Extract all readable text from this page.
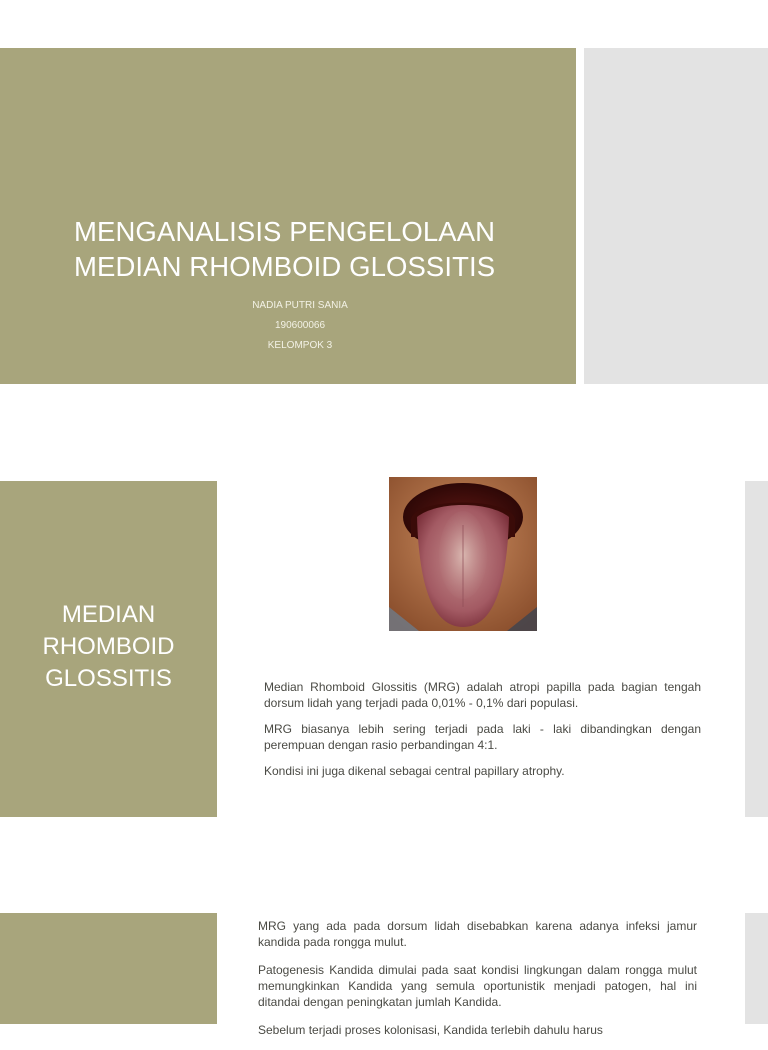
MENGANALISIS PENGELOLAAN
MEDIAN RHOMBOID GLOSSITIS
NADIA PUTRI SANIA
190600066
KELOMPOK 3
MEDIAN
RHOMBOID
GLOSSITIS	Median Rhomboid Glossitis (MRG) adalah atropi papilla pada bagian tengah dorsum lidah yang terjadi pada 0,01% - 0,1% dari populasi.
MRG biasanya lebih sering terjadi pada laki - laki dibandingkan dengan perempuan dengan rasio perbandingan 4:1.
Kondisi ini juga dikenal sebagai central papillary atrophy.
MRG yang ada pada dorsum lidah disebabkan karena adanya infeksi jamur kandida pada rongga mulut.
Patogenesis Kandida dimulai pada saat kondisi lingkungan dalam rongga mulut memungkinkan Kandida yang semula oportunistik menjadi patogen, hal ini ditandai dengan peningkatan jumlah Kandida.
Sebelum terjadi proses kolonisasi, Kandida terlebih dahulu harus
